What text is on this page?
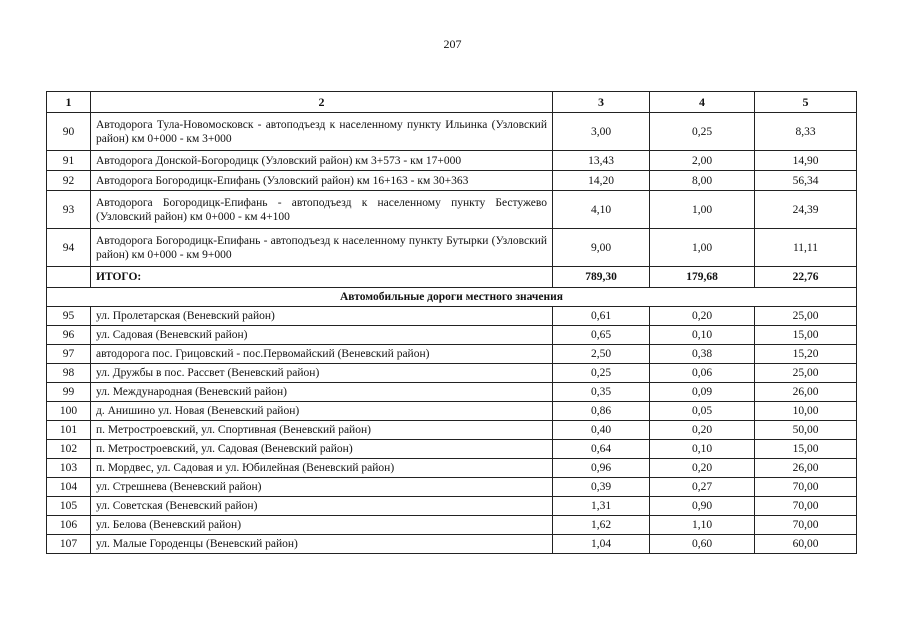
207
1	2	3	4	5
90	Автодорога Тула-Новомосковск - автоподъезд к населенному пункту Ильинка (Узловский район) км 0+000 - км 3+000	3,00	0,25	8,33
91	Автодорога Донской-Богородицк (Узловский район) км 3+573 - км 17+000	13,43	2,00	14,90
92	Автодорога Богородицк-Епифань (Узловский район) км 16+163 - км 30+363	14,20	8,00	56,34
93	Автодорога Богородицк-Епифань - автоподъезд к населенному пункту Бестужево (Узловский район) км 0+000 - км 4+100	4,10	1,00	24,39
94	Автодорога Богородицк-Епифань - автоподъезд к населенному пункту Бутырки (Узловский район) км 0+000 - км 9+000	9,00	1,00	11,11
	ИТОГО:	789,30	179,68	22,76
Автомобильные дороги местного значения				
95	ул. Пролетарская (Веневский район)	0,61	0,20	25,00
96	ул. Садовая (Веневский район)	0,65	0,10	15,00
97	автодорога пос. Грицовский - пос.Первомайский (Веневский район)	2,50	0,38	15,20
98	ул. Дружбы в пос. Рассвет (Веневский район)	0,25	0,06	25,00
99	ул. Международная (Веневский район)	0,35	0,09	26,00
100	д. Анишино ул. Новая (Веневский район)	0,86	0,05	10,00
101	п. Метростроевский, ул. Спортивная (Веневский район)	0,40	0,20	50,00
102	п. Метростроевский, ул. Садовая (Веневский район)	0,64	0,10	15,00
103	п. Мордвес, ул. Садовая и ул. Юбилейная (Веневский район)	0,96	0,20	26,00
104	ул. Стрешнева (Веневский район)	0,39	0,27	70,00
105	ул. Советская (Веневский район)	1,31	0,90	70,00
106	ул. Белова (Веневский район)	1,62	1,10	70,00
107	ул. Малые Городенцы (Веневский район)	1,04	0,60	60,00
